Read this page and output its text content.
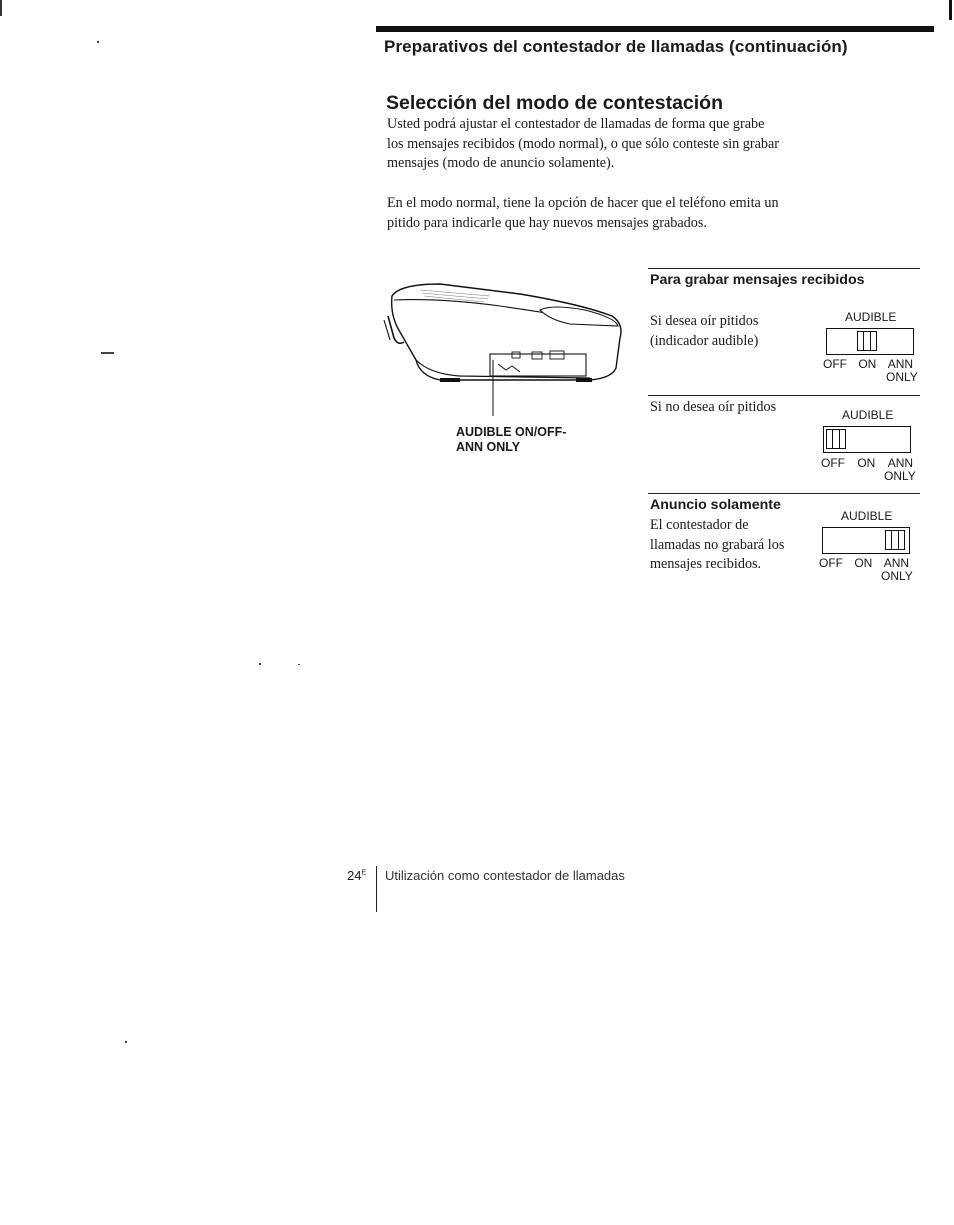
Preparativos del contestador de llamadas (continuación)
Selección del modo de contestación
Usted podrá ajustar el contestador de llamadas de forma que grabe
los mensajes recibidos (modo normal), o que sólo conteste sin grabar
mensajes (modo de anuncio solamente).
En el modo normal, tiene la opción de hacer que el teléfono emita un
pitido para indicarle que hay nuevos mensajes grabados.
AUDIBLE ON/OFF-
ANN ONLY
Para grabar mensajes recibidos
Si desea oír pitidos
(indicador audible)
AUDIBLE
OFF ON ANN
ONLY
Si no desea oír pitidos	AUDIBLE
OFF ON ANN
ONLY
Anuncio solamente
El contestador de
llamadas no grabará los
mensajes recibidos.
AUDIBLE
OFF ON ANN
ONLY
$24^E$ Utilización como contestador de llamadas
